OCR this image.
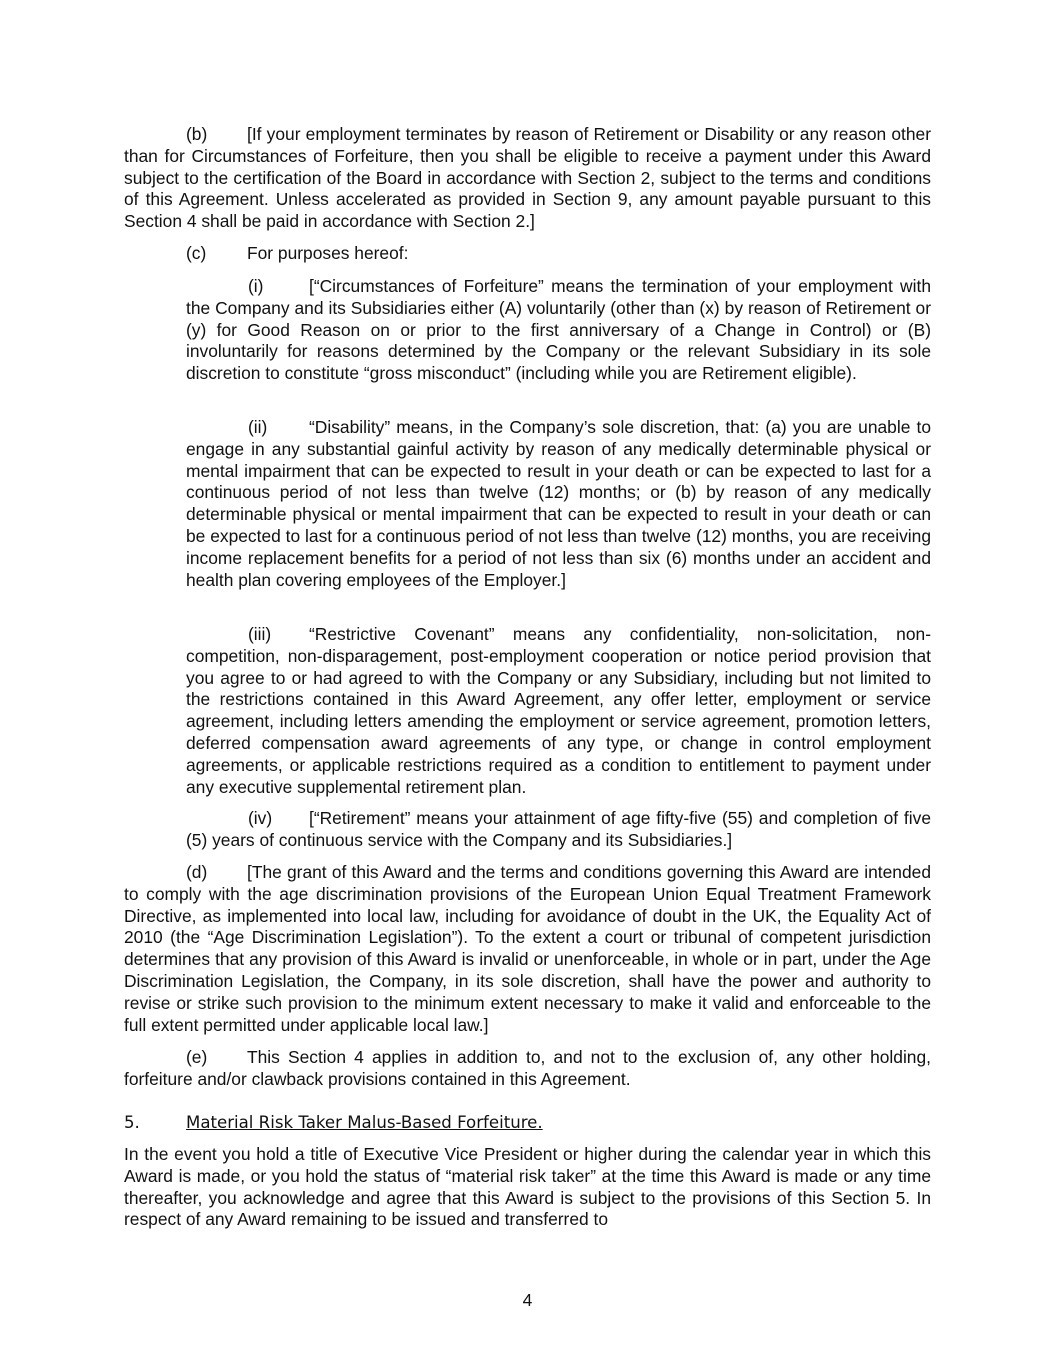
(b) [If your employment terminates by reason of Retirement or Disability or any reason other than for Circumstances of Forfeiture, then you shall be eligible to receive a payment under this Award subject to the certification of the Board in accordance with Section 2, subject to the terms and conditions of this Agreement. Unless accelerated as provided in Section 9, any amount payable pursuant to this Section 4 shall be paid in accordance with Section 2.]

(c) For purposes hereof:

(i)	[“Circumstances of Forfeiture” means the termination of your employment with the Company and its Subsidiaries either (A) voluntarily (other than (x) by reason of Retirement or (y) for Good Reason on or prior to the first anniversary of a Change in Control) or (B) involuntarily for reasons determined by the Company or the relevant Subsidiary in its sole discretion to constitute “gross misconduct” (including while you are Retirement eligible).

(ii) “Disability” means, in the Company’s sole discretion, that: (a) you are unable to engage in any substantial gainful activity by reason of any medically determinable physical or mental impairment that can be expected to result in your death or can be expected to last for a continuous period of not less than twelve (12) months; or (b) by reason of any medically determinable physical or mental impairment that can be expected to result in your death or can be expected to last for a continuous period of not less than twelve (12) months, you are receiving income replacement benefits for a period of not less than six (6) months under an accident and health plan covering employees of the Employer.]

(iii) “Restrictive Covenant” means any confidentiality, non-solicitation, non-competition, non-disparagement, post-employment cooperation or notice period provision that you agree to or had agreed to with the Company or any Subsidiary, including but not limited to the restrictions contained in this Award Agreement, any offer letter, employment or service agreement, including letters amending the employment or service agreement, promotion letters, deferred compensation award agreements of any type, or change in control employment agreements, or applicable restrictions required as a condition to entitlement to payment under any executive supplemental retirement plan.

(iv) [“Retirement” means your attainment of age fifty-five (55) and completion of five (5) years of continuous service with the Company and its Subsidiaries.]

(d) [The grant of this Award and the terms and conditions governing this Award are intended to comply with the age discrimination provisions of the European Union Equal Treatment Framework Directive, as implemented into local law, including for avoidance of doubt in the UK, the Equality Act of 2010 (the “Age Discrimination Legislation”). To the extent a court or tribunal of competent jurisdiction determines that any provision of this Award is invalid or unenforceable, in whole or in part, under the Age Discrimination Legislation, the Company, in its sole discretion, shall have the power and authority to revise or strike such provision to the minimum extent necessary to make it valid and enforceable to the full extent permitted under applicable local law.]

(e) This Section 4 applies in addition to, and not to the exclusion of, any other holding, forfeiture and/or clawback provisions contained in this Agreement.

5.	Material Risk Taker Malus-Based Forfeiture.

In the event you hold a title of Executive Vice President or higher during the calendar year in which this Award is made, or you hold the status of “material risk taker” at the time this Award is made or any time thereafter, you acknowledge and agree that this Award is subject to the provisions of this Section 5. In respect of any Award remaining to be issued and transferred to

4
